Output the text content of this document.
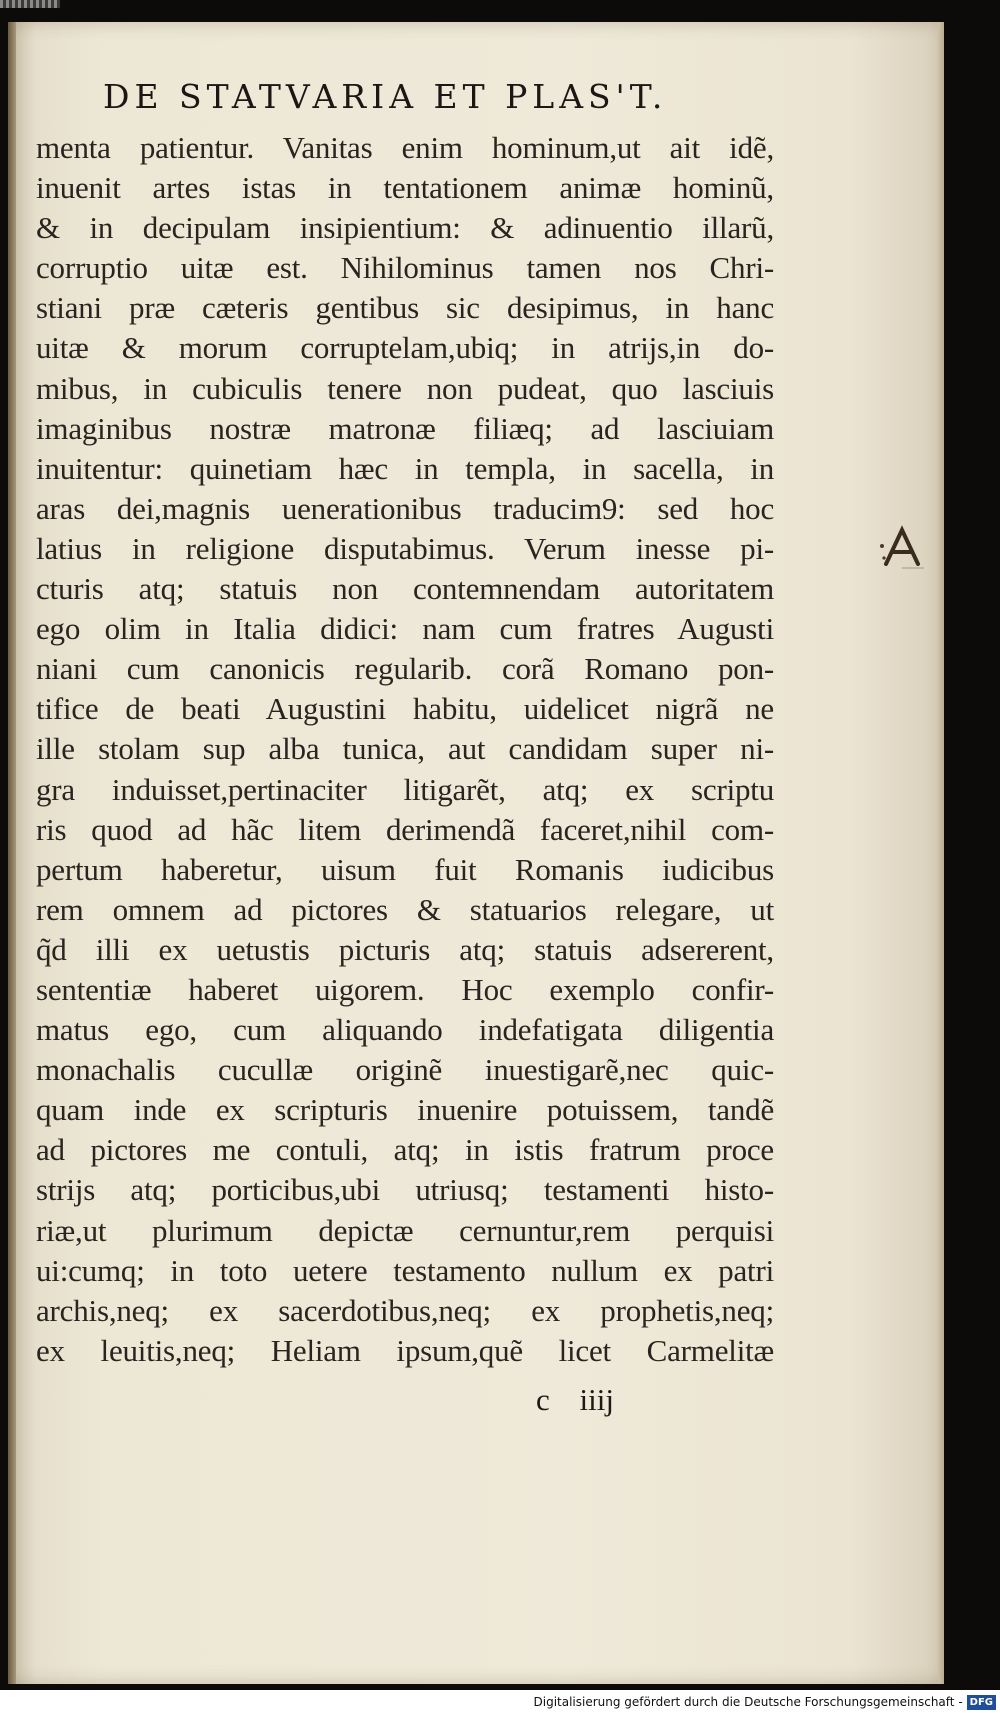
DE STATVARIA ET PLAS'T.
menta patientur. Vanitas enim hominum,ut ait idẽ,
inuenit artes istas in tentationem animæ hominũ,
& in decipulam insipientium: & adinuentio illarũ,
corruptio uitæ est. Nihilominus tamen nos Chri-
stiani præ cæteris gentibus sic desipimus, in hanc
uitæ & morum corruptelam,ubiq; in atrijs,in do-
mibus, in cubiculis tenere non pudeat, quo lasciuis
imaginibus nostræ matronæ filiæq; ad lasciuiam
inuitentur: quinetiam hæc in templa, in sacella, in
aras dei,magnis uenerationibus traducim9: sed hoc
latius in religione disputabimus. Verum inesse pi-
cturis atq; statuis non contemnendam autoritatem
ego olim in Italia didici: nam cum fratres Augusti
niani cum canonicis regularib. corã Romano pon-
tifice de beati Augustini habitu, uidelicet nigrã ne
ille stolam sup alba tunica, aut candidam super ni-
gra induisset,pertinaciter litigarẽt, atq; ex scriptu
ris quod ad hãc litem derimendã faceret,nihil com-
pertum haberetur, uisum fuit Romanis iudicibus
rem omnem ad pictores & statuarios relegare, ut
q̃d illi ex uetustis picturis atq; statuis adsererent,
sententiæ haberet uigorem. Hoc exemplo confir-
matus ego, cum aliquando indefatigata diligentia
monachalis cucullæ originẽ inuestigarẽ,nec quic-
quam inde ex scripturis inuenire potuissem, tandẽ
ad pictores me contuli, atq; in istis fratrum proce
strijs atq; porticibus,ubi utriusq; testamenti histo-
riæ,ut plurimum depictæ cernuntur,rem perquisi
ui:cumq; in toto uetere testamento nullum ex patri
archis,neq; ex sacerdotibus,neq; ex prophetis,neq;
ex leuitis,neq; Heliam ipsum,quẽ licet Carmelitæ
c iiij
Digitalisierung gefördert durch die Deutsche Forschungsgemeinschaft - DFG
